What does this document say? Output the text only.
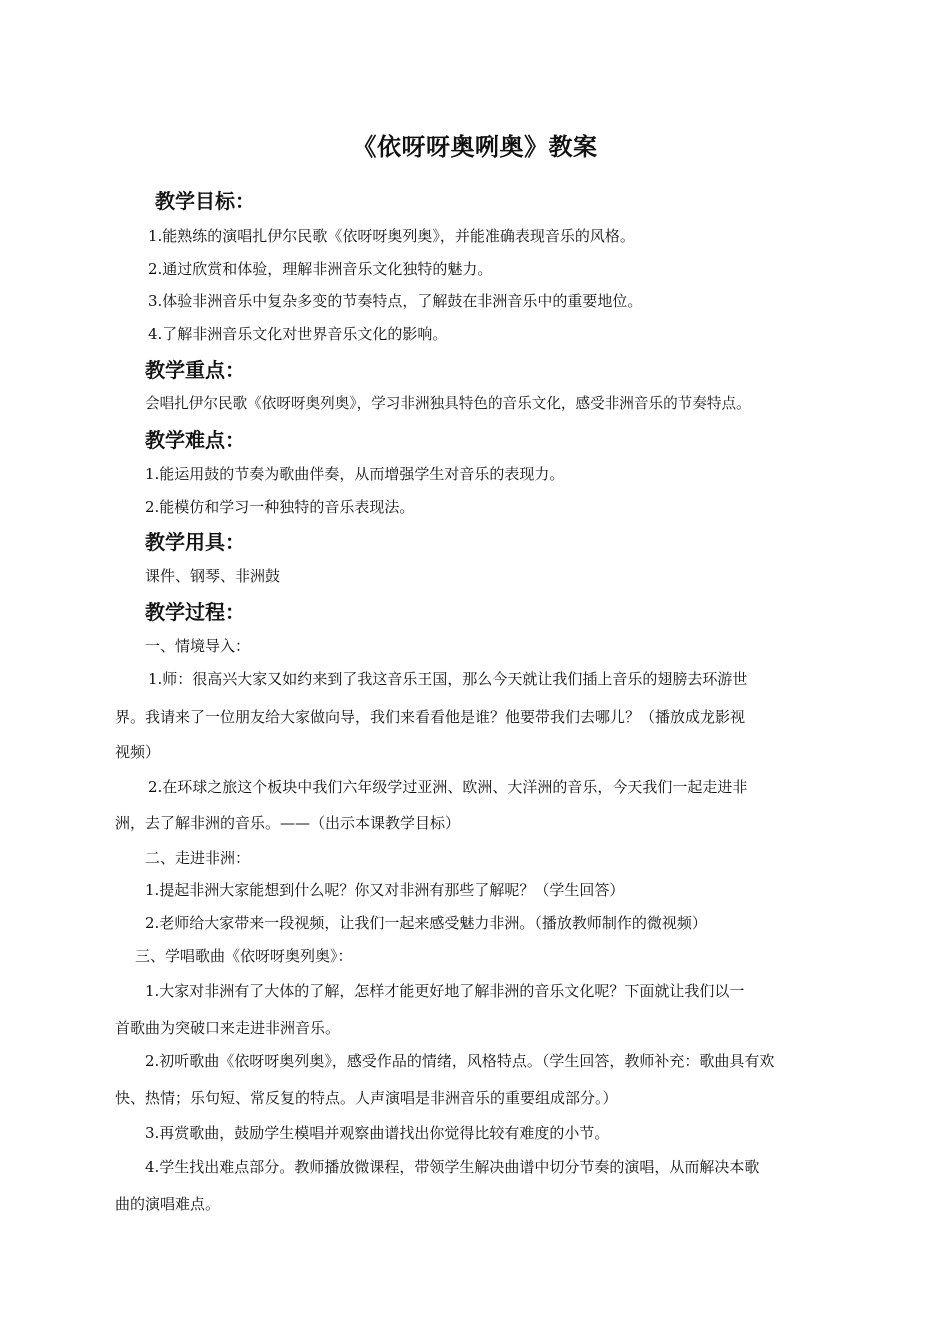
《依呀呀奥咧奥》教案
教学目标：
1.能熟练的演唱扎伊尔民歌《依呀呀奥列奥》，并能准确表现音乐的风格。
2.通过欣赏和体验，理解非洲音乐文化独特的魅力。
3.体验非洲音乐中复杂多变的节奏特点，了解鼓在非洲音乐中的重要地位。
4.了解非洲音乐文化对世界音乐文化的影响。
教学重点：
会唱扎伊尔民歌《依呀呀奥列奥》，学习非洲独具特色的音乐文化，感受非洲音乐的节奏特点。
教学难点：
1.能运用鼓的节奏为歌曲伴奏，从而增强学生对音乐的表现力。
2.能模仿和学习一种独特的音乐表现法。
教学用具：
课件、钢琴、非洲鼓
教学过程：
一、情境导入：
1.师：很高兴大家又如约来到了我这音乐王国，那么今天就让我们插上音乐的翅膀去环游世
界。我请来了一位朋友给大家做向导，我们来看看他是谁？他要带我们去哪儿？（播放成龙影视
视频）
2.在环球之旅这个板块中我们六年级学过亚洲、欧洲、大洋洲的音乐，今天我们一起走进非
洲，去了解非洲的音乐。——（出示本课教学目标）
二、走进非洲：
1.提起非洲大家能想到什么呢？你又对非洲有那些了解呢？（学生回答）
2.老师给大家带来一段视频，让我们一起来感受魅力非洲。（播放教师制作的微视频）
三、学唱歌曲《依呀呀奥列奥》：
1.大家对非洲有了大体的了解，怎样才能更好地了解非洲的音乐文化呢？下面就让我们以一
首歌曲为突破口来走进非洲音乐。
2.初听歌曲《依呀呀奥列奥》，感受作品的情绪，风格特点。（学生回答，教师补充：歌曲具有欢
快、热情；乐句短、常反复的特点。人声演唱是非洲音乐的重要组成部分。）
3.再赏歌曲，鼓励学生模唱并观察曲谱找出你觉得比较有难度的小节。
4.学生找出难点部分。教师播放微课程，带领学生解决曲谱中切分节奏的演唱，从而解决本歌
曲的演唱难点。
